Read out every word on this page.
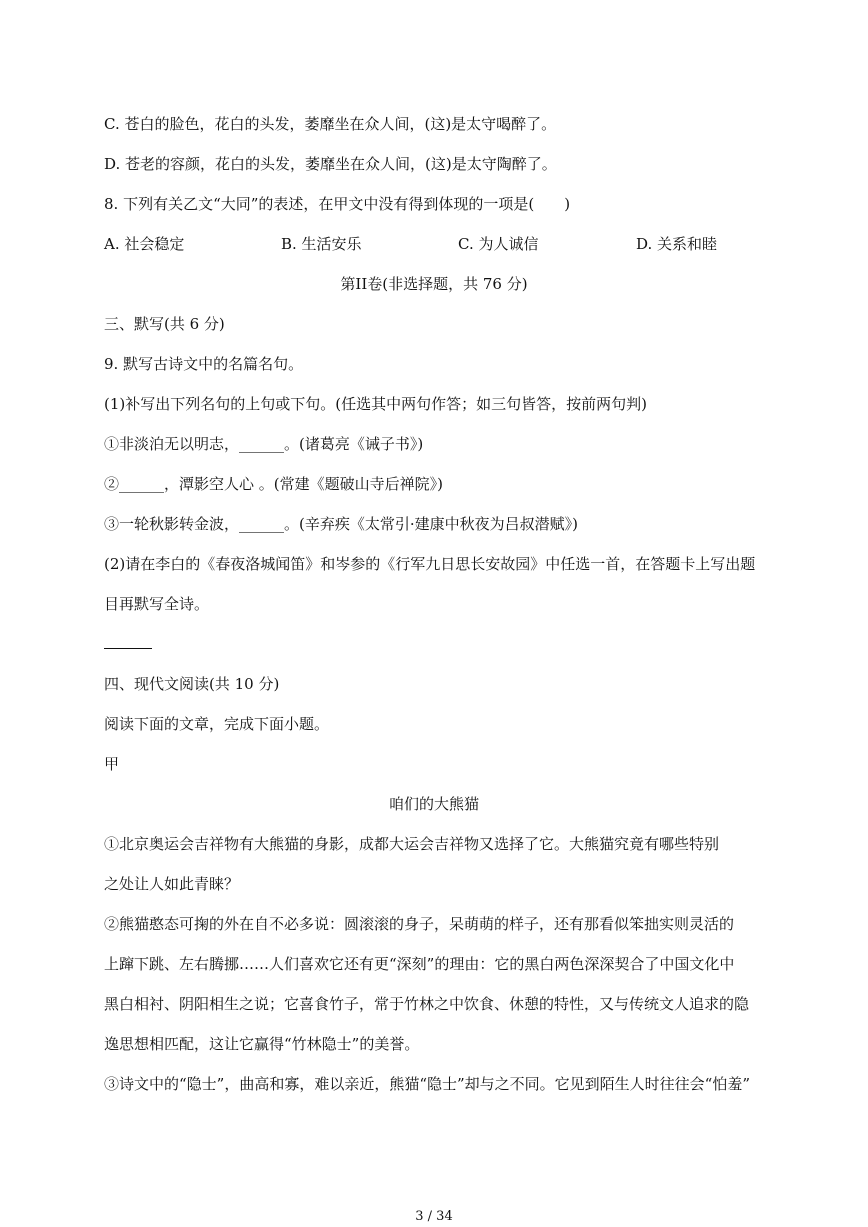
C. 苍白的脸色，花白的头发，萎靡坐在众人间，(这)是太守喝醉了。
D. 苍老的容颜，花白的头发，萎靡坐在众人间，(这)是太守陶醉了。
8. 下列有关乙文“大同”的表述，在甲文中没有得到体现的一项是(　　)
A. 社会稳定	B. 生活安乐	C. 为人诚信	D. 关系和睦
第II卷(非选择题，共 76 分)
三、默写(共 6 分)
9. 默写古诗文中的名篇名句。
(1)补写出下列名句的上句或下句。(任选其中两句作答；如三句皆答，按前两句判)
①非淡泊无以明志，______。(诸葛亮《诫子书》)
②______，潭影空人心 。(常建《题破山寺后禅院》)
③一轮秋影转金波，______。(辛弃疾《太常引·建康中秋夜为吕叔潜赋》)
(2)请在李白的《春夜洛城闻笛》和岑参的《行军九日思长安故园》中任选一首，在答题卡上写出题
目再默写全诗。
四、现代文阅读(共 10 分)
阅读下面的文章，完成下面小题。
甲
咱们的大熊猫
①北京奥运会吉祥物有大熊猫的身影，成都大运会吉祥物又选择了它。大熊猫究竟有哪些特别
之处让人如此青睐？
②熊猫憨态可掬的外在自不必多说：圆滚滚的身子，呆萌萌的样子，还有那看似笨拙实则灵活的
上蹿下跳、左右腾挪……人们喜欢它还有更“深刻”的理由：它的黑白两色深深契合了中国文化中
黑白相衬、阴阳相生之说；它喜食竹子，常于竹林之中饮食、休憩的特性，又与传统文人追求的隐
逸思想相匹配，这让它赢得“竹林隐士”的美誉。
③诗文中的“隐士”，曲高和寡，难以亲近，熊猫“隐士”却与之不同。它见到陌生人时往往会“怕羞”
3 / 34
